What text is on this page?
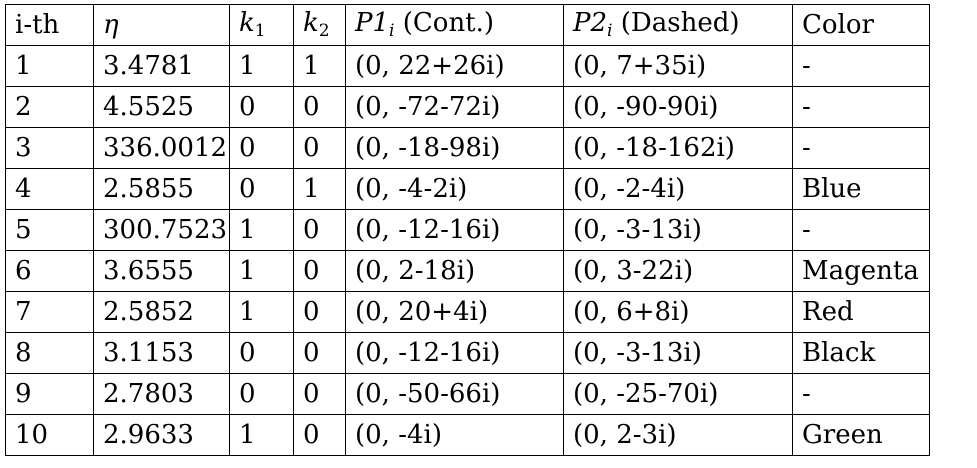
i-th	η	$k_1$	$k_2$	$P1_i$ (Cont.)	$P2_i$ (Dashed)	Color
1	3.4781	1	1	(0, 22+26i)	(0, 7+35i)	-
2	4.5525	0	0	(0, -72-72i)	(0, -90-90i)	-
3	336.0012	0	0	(0, -18-98i)	(0, -18-162i)	-
4	2.5855	0	1	(0, -4-2i)	(0, -2-4i)	Blue
5	300.7523	1	0	(0, -12-16i)	(0, -3-13i)	-
6	3.6555	1	0	(0, 2-18i)	(0, 3-22i)	Magenta
7	2.5852	1	0	(0, 20+4i)	(0, 6+8i)	Red
8	3.1153	0	0	(0, -12-16i)	(0, -3-13i)	Black
9	2.7803	0	0	(0, -50-66i)	(0, -25-70i)	-
10	2.9633	1	0	(0, -4i)	(0, 2-3i)	Green
